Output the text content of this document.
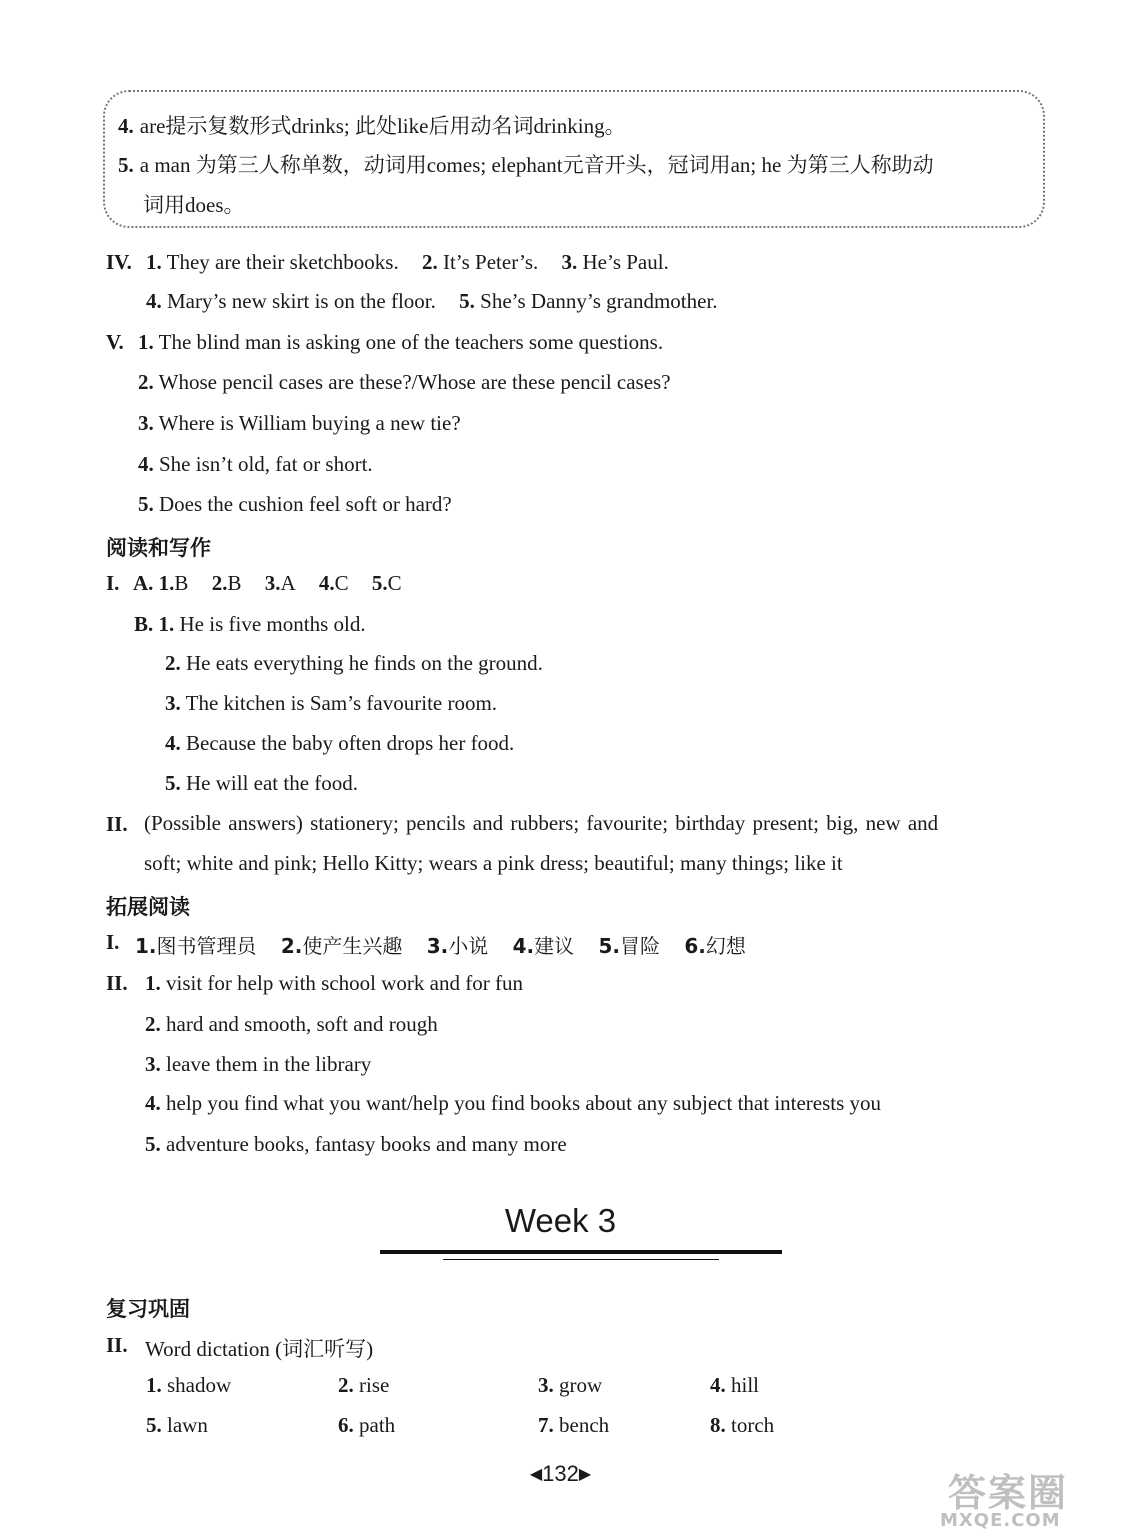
4. are提示复数形式drinks; 此处like后用动名词drinking。
5. a man 为第三人称单数，动词用comes; elephant元音开头，冠词用an; he 为第三人称助动
词用does。
IV. 1. They are their sketchbooks. 2. It’s Peter’s. 3. He’s Paul.
4. Mary’s new skirt is on the floor. 5. She’s Danny’s grandmother.
V. 1. The blind man is asking one of the teachers some questions.
2. Whose pencil cases are these?/Whose are these pencil cases?
3. Where is William buying a new tie?
4. She isn’t old, fat or short.
5. Does the cushion feel soft or hard?
阅读和写作
I. A. 1.B 2.B 3.A 4.C 5.C
B. 1. He is five months old.
2. He eats everything he finds on the ground.
3. The kitchen is Sam’s favourite room.
4. Because the baby often drops her food.
5. He will eat the food.
II. (Possible answers) stationery; pencils and rubbers; favourite; birthday present; big, new and
soft; white and pink; Hello Kitty; wears a pink dress; beautiful; many things; like it
拓展阅读
I. 1.图书管理员 2.使产生兴趣 3.小说 4.建议 5.冒险 6.幻想
II. 1. visit for help with school work and for fun
2. hard and smooth, soft and rough
3. leave them in the library
4. help you find what you want/help you find books about any subject that interests you
5. adventure books, fantasy books and many more
Week 3
复习巩固
II. Word dictation (词汇听写)
1. shadow	2. rise	3. grow	4. hill
5. lawn	6. path	7. bench	8. torch
◀132▶	答案圈
MXQE.COM
